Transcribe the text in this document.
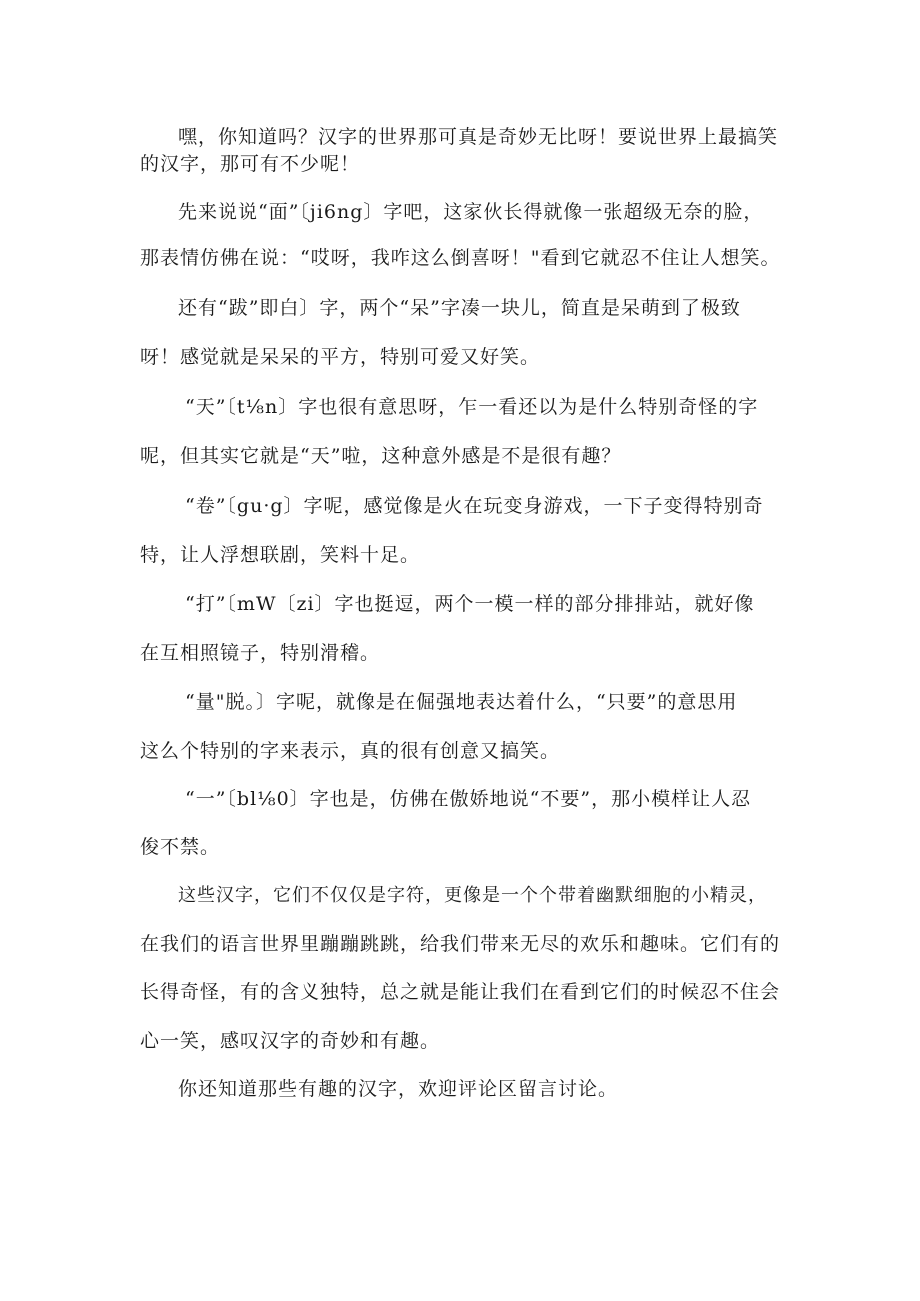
嘿，你知道吗？汉字的世界那可真是奇妙无比呀！要说世界上最搞笑
的汉字，那可有不少呢！
先来说说“面”〔ji6ng〕字吧，这家伙长得就像一张超级无奈的脸，
那表情仿佛在说：“哎呀，我咋这么倒喜呀！"看到它就忍不住让人想笑。
还有“跋”即白〕字，两个“呆”字凑一块儿，简直是呆萌到了极致
呀！感觉就是呆呆的平方，特别可爱又好笑。
“天”〔t⅛n〕字也很有意思呀，乍一看还以为是什么特别奇怪的字
呢，但其实它就是“天”啦，这种意外感是不是很有趣？
“卷”〔gu·g〕字呢，感觉像是火在玩变身游戏，一下子变得特别奇
特，让人浮想联剧，笑料十足。
“打”〔mW〔zi〕字也挺逗，两个一模一样的部分排排站，就好像
在互相照镜子，特别滑稽。
“量"脱。〕字呢，就像是在倔强地表达着什么，“只要”的意思用
这么个特别的字来表示，真的很有创意又搞笑。
“一”〔bl⅛0〕字也是，仿佛在傲娇地说“不要”，那小模样让人忍
俊不禁。
这些汉字，它们不仅仅是字符，更像是一个个带着幽默细胞的小精灵，
在我们的语言世界里蹦蹦跳跳，给我们带来无尽的欢乐和趣味。它们有的
长得奇怪，有的含义独特，总之就是能让我们在看到它们的时候忍不住会
心一笑，感叹汉字的奇妙和有趣。
你还知道那些有趣的汉字，欢迎评论区留言讨论。
